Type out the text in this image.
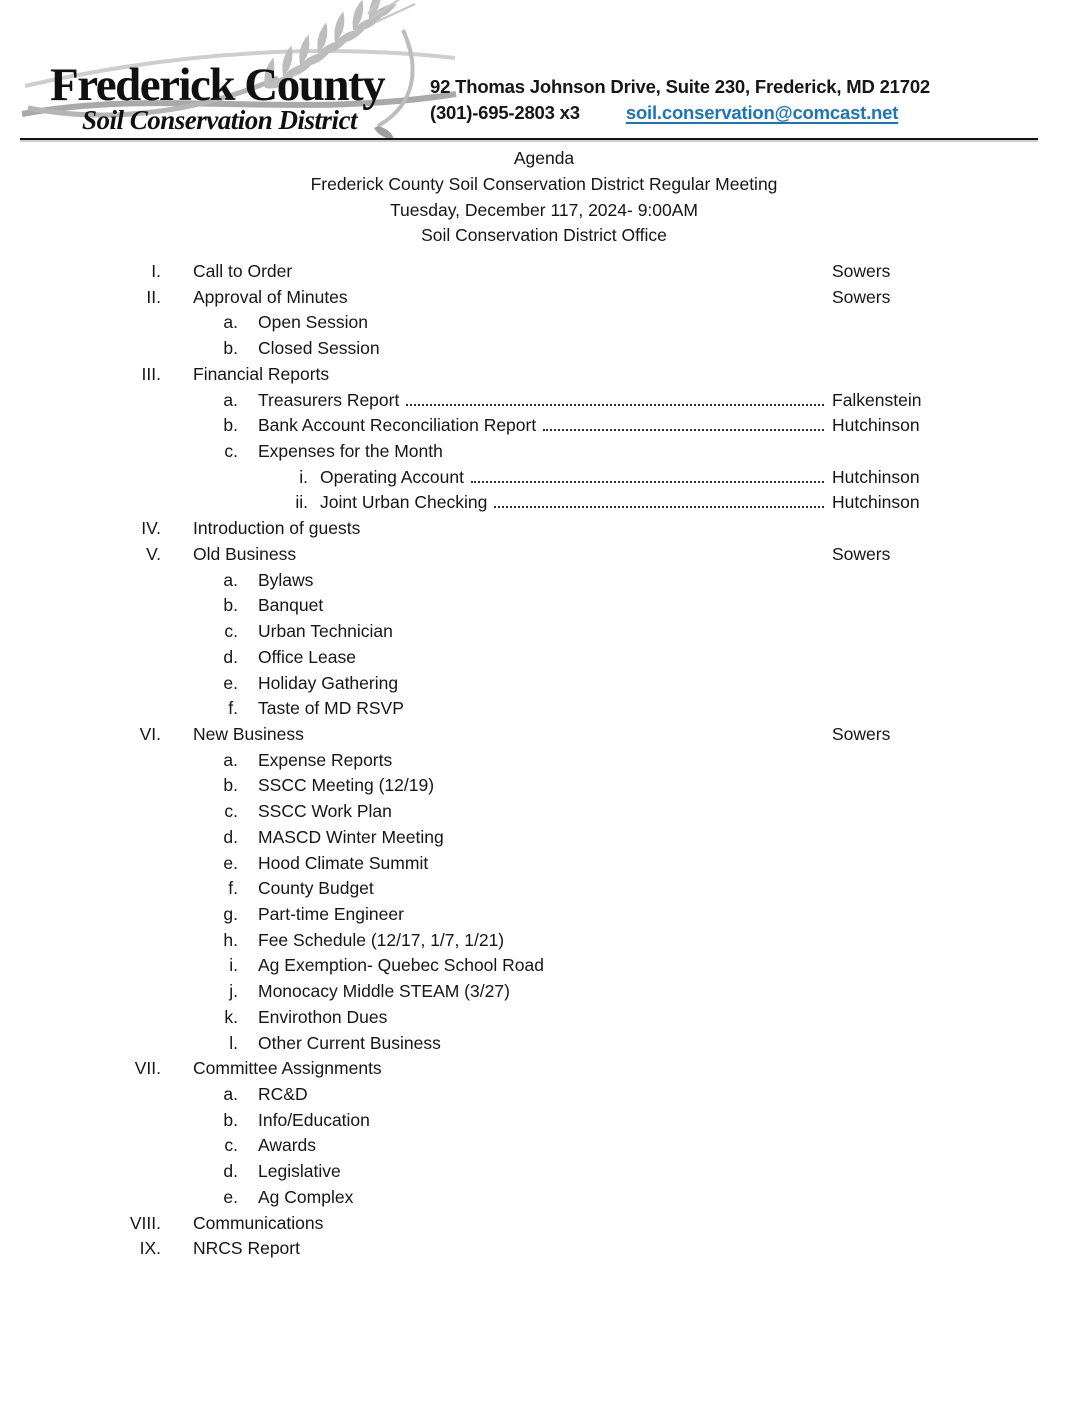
Frederick County
Soil Conservation District
92 Thomas Johnson Drive, Suite 230, Frederick, MD 21702
(301)-695-2803 x3 soil.conservation@comcast.net
Agenda
Frederick County Soil Conservation District Regular Meeting
Tuesday, December 117, 2024- 9:00AM
Soil Conservation District Office
I. Call to Order	Sowers
II. Approval of Minutes	Sowers
a. Open Session
b. Closed Session
III. Financial Reports
a. Treasurers Report	Falkenstein
b. Bank Account Reconciliation Report	Hutchinson
c. Expenses for the Month
i. Operating Account	Hutchinson
ii. Joint Urban Checking	Hutchinson
IV. Introduction of guests
V. Old Business	Sowers
a. Bylaws
b. Banquet
c. Urban Technician
d. Office Lease
e. Holiday Gathering
f. Taste of MD RSVP
VI. New Business	Sowers
a. Expense Reports
b. SSCC Meeting (12/19)
c. SSCC Work Plan
d. MASCD Winter Meeting
e. Hood Climate Summit
f. County Budget
g. Part-time Engineer
h. Fee Schedule (12/17, 1/7, 1/21)
i. Ag Exemption- Quebec School Road
j. Monocacy Middle STEAM (3/27)
k. Envirothon Dues
l. Other Current Business
VII. Committee Assignments
a. RC&D
b. Info/Education
c. Awards
d. Legislative
e. Ag Complex
VIII. Communications
IX. NRCS Report
